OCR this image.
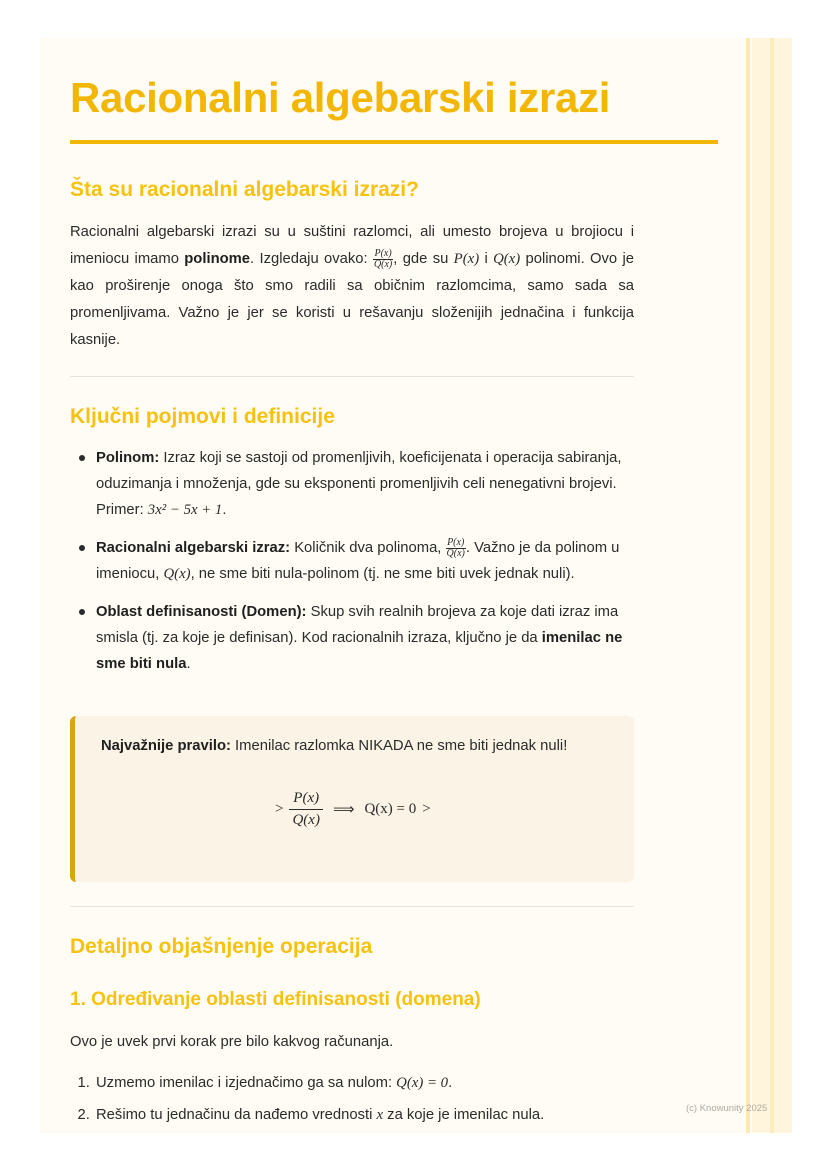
Racionalni algebarski izrazi
Šta su racionalni algebarski izrazi?

Racionalni algebarski izrazi su u suštini razlomci, ali umesto brojeva u brojiocu i imeniocu imamo polinome. Izgledaju ovako: $\frac{P(x)}{Q(x)}$ , gde su P(x) i Q(x) polinomi. Ovo je kao proširenje onoga što smo radili sa običnim razlomcima, samo sada sa promenljivama. Važno je jer se koristi u rešavanju složenijih jednačina i funkcija kasnije.

Ključni pojmovi i definicije
Polinom: Izraz koji se sastoji od promenljivih, koeficijenata i operacija sabiranja, oduzimanja i množenja, gde su eksponenti promenljivih celi nenegativni brojevi. Primer: 3x² − 5x + 1.
Racionalni algebarski izraz: Količnik dva polinoma, $\frac{P(x)}{Q(x)}$ . Važno je da polinom u imeniocu, Q(x), ne sme biti nula-polinom (tj. ne sme biti uvek jednak nuli).
Oblast definisanosti (Domen): Skup svih realnih brojeva za koje dati izraz ima smisla (tj. za koje je definisan). Kod racionalnih izraza, ključno je da imenilac ne sme biti nula.
Najvažnije pravilo: Imenilac razlomka NIKADA ne sme biti jednak nuli!
> $\frac{P(x)}{Q(x)}$ ⟹ Q(x) = 0 >
Detaljno objašnjenje operacija
1. Određivanje oblasti definisanosti (domena)

Ovo je uvek prvi korak pre bilo kakvog računanja.

1. Uzmemo imenilac i izjednačimo ga sa nulom: Q(x) = 0.
2. Rešimo tu jednačinu da nađemo vrednosti x za koje je imenilac nula.	(c) Knowunity 2025
